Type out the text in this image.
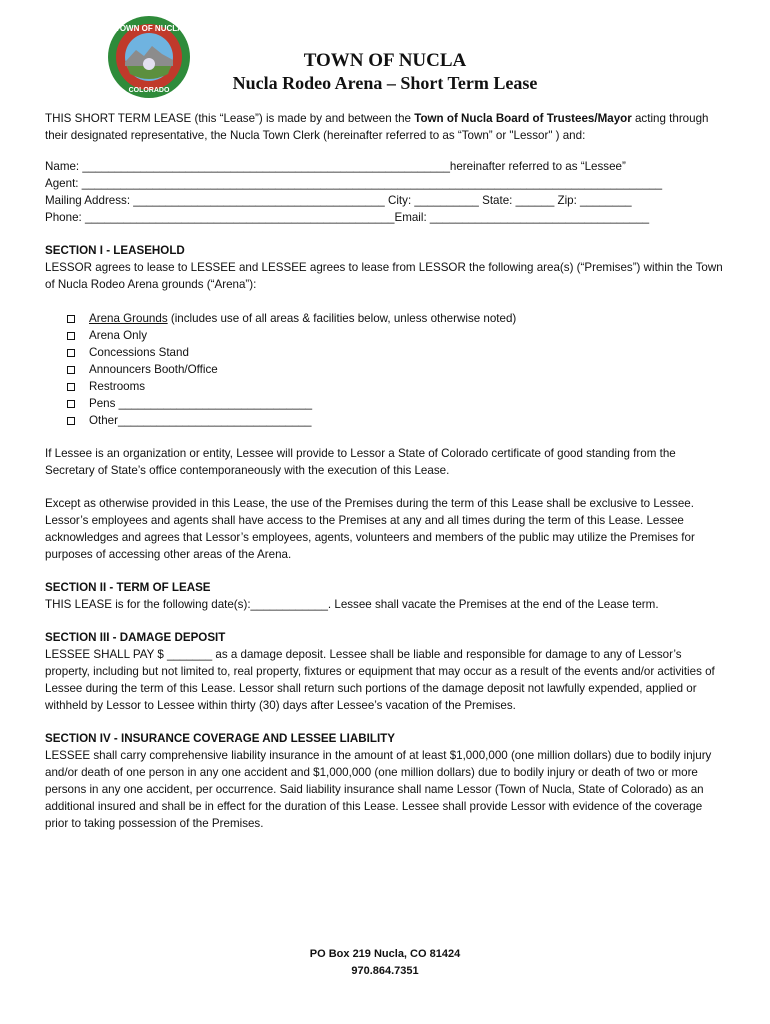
TOWN OF NUCLA
COLORADO
TOWN OF NUCLA
Nucla Rodeo Arena – Short Term Lease

THIS SHORT TERM LEASE (this “Lease”) is made by and between the Town of Nucla Board of Trustees/Mayor acting through their designated representative, the Nucla Town Clerk (hereinafter referred to as “Town” or "Lessor" ) and:

Name: _________________________________________________________hereinafter referred to as “Lessee”
Agent: __________________________________________________________________________________________
Mailing Address: _______________________________________ City: __________ State: ______ Zip: ________
Phone: ________________________________________________Email: __________________________________

SECTION I - LEASEHOLD

LESSOR agrees to lease to LESSEE and LESSEE agrees to lease from LESSOR the following area(s) (“Premises”) within the Town of Nucla Rodeo Arena grounds (“Arena”):

Arena Grounds (includes use of all areas & facilities below, unless otherwise noted)
Arena Only
Concessions Stand
Announcers Booth/Office
Restrooms
Pens ______________________________
Other______________________________

If Lessee is an organization or entity, Lessee will provide to Lessor a State of Colorado certificate of good standing from the Secretary of State’s office contemporaneously with the execution of this Lease.

Except as otherwise provided in this Lease, the use of the Premises during the term of this Lease shall be exclusive to Lessee. Lessor’s employees and agents shall have access to the Premises at any and all times during the term of this Lease. Lessee acknowledges and agrees that Lessor’s employees, agents, volunteers and members of the public may utilize the Premises for purposes of accessing other areas of the Arena.

SECTION II - TERM OF LEASE

THIS LEASE is for the following date(s):____________. Lessee shall vacate the Premises at the end of the Lease term.

SECTION III - DAMAGE DEPOSIT

LESSEE SHALL PAY $ _______ as a damage deposit. Lessee shall be liable and responsible for damage to any of Lessor’s property, including but not limited to, real property, fixtures or equipment that may occur as a result of the events and/or activities of Lessee during the term of this Lease. Lessor shall return such portions of the damage deposit not lawfully expended, applied or withheld by Lessor to Lessee within thirty (30) days after Lessee’s vacation of the Premises.

SECTION IV - INSURANCE COVERAGE AND LESSEE LIABILITY

LESSEE shall carry comprehensive liability insurance in the amount of at least $1,000,000 (one million dollars) due to bodily injury and/or death of one person in any one accident and $1,000,000 (one million dollars) due to bodily injury or death of two or more persons in any one accident, per occurrence. Said liability insurance shall name Lessor (Town of Nucla, State of Colorado) as an additional insured and shall be in effect for the duration of this Lease. Lessee shall provide Lessor with evidence of the coverage prior to taking possession of the Premises.

PO Box 219 Nucla, CO 81424
970.864.7351
